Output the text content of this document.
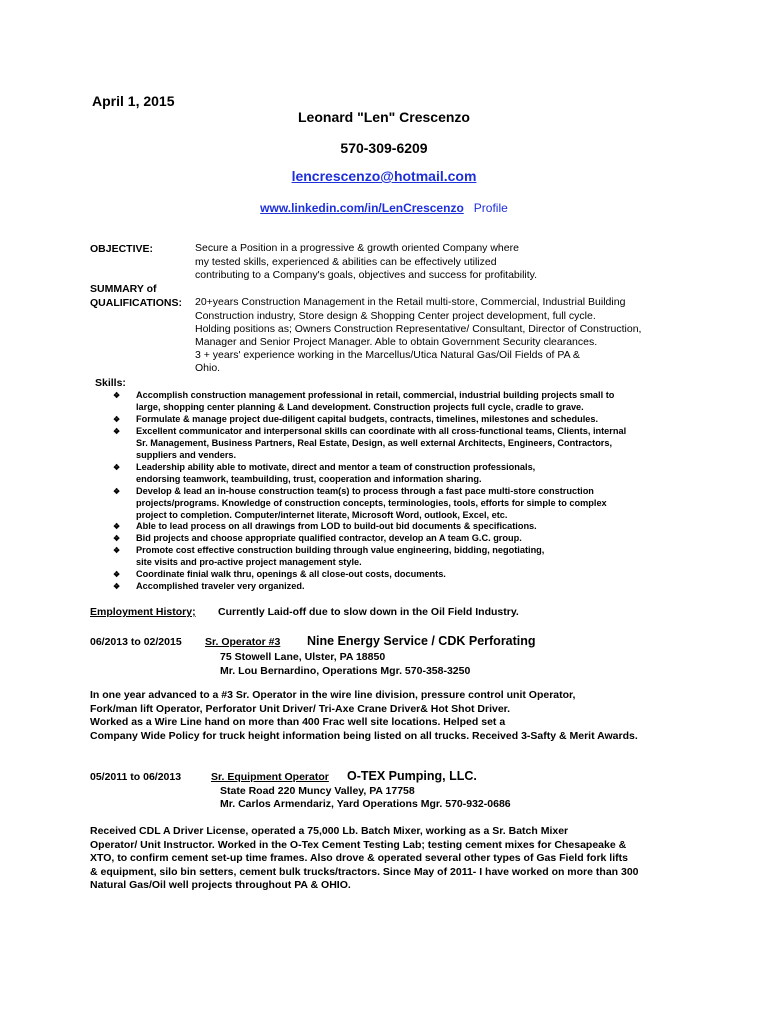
April 1, 2015
Leonard "Len" Crescenzo
570-309-6209
lencrescenzo@hotmail.com
www.linkedin.com/in/LenCrescenzo Profile
OBJECTIVE:	Secure a Position in a progressive & growth oriented Company where
my tested skills, experienced & abilities can be effectively utilized
contributing to a Company's goals, objectives and success for profitability.
SUMMARY of
QUALIFICATIONS: 20+years Construction Management in the Retail multi-store, Commercial, Industrial Building
Construction industry, Store design & Shopping Center project development, full cycle.
Holding positions as; Owners Construction Representative/ Consultant, Director of Construction,
Manager and Senior Project Manager. Able to obtain Government Security clearances.
3 + years' experience working in the Marcellus/Utica Natural Gas/Oil Fields of PA &
Ohio.
Skills:
❖ Accomplish construction management professional in retail, commercial, industrial building projects small to
large, shopping center planning & Land development. Construction projects full cycle, cradle to grave.
❖ Formulate & manage project due-diligent capital budgets, contracts, timelines, milestones and schedules.
❖ Excellent communicator and interpersonal skills can coordinate with all cross-functional teams, Clients, internal
Sr. Management, Business Partners, Real Estate, Design, as well external Architects, Engineers, Contractors,
suppliers and venders.
❖ Leadership ability able to motivate, direct and mentor a team of construction professionals,
endorsing teamwork, teambuilding, trust, cooperation and information sharing.
❖ Develop & lead an in-house construction team(s) to process through a fast pace multi-store construction
projects/programs. Knowledge of construction concepts, terminologies, tools, efforts for simple to complex
project to completion. Computer/internet literate, Microsoft Word, outlook, Excel, etc.
❖ Able to lead process on all drawings from LOD to build-out bid documents & specifications.
❖ Bid projects and choose appropriate qualified contractor, develop an A team G.C. group.
❖ Promote cost effective construction building through value engineering, bidding, negotiating,
site visits and pro-active project management style.
❖ Coordinate finial walk thru, openings & all close-out costs, documents.
❖ Accomplished traveler very organized.
Employment History; Currently Laid-off due to slow down in the Oil Field Industry.
06/2013 to 02/2015 Sr. Operator #3 Nine Energy Service / CDK Perforating
75 Stowell Lane, Ulster, PA 18850
Mr. Lou Bernardino, Operations Mgr. 570-358-3250
In one year advanced to a #3 Sr. Operator in the wire line division, pressure control unit Operator,
Fork/man lift Operator, Perforator Unit Driver/ Tri-Axe Crane Driver& Hot Shot Driver.
Worked as a Wire Line hand on more than 400 Frac well site locations. Helped set a
Company Wide Policy for truck height information being listed on all trucks. Received 3-Safty & Merit Awards.
05/2011 to 06/2013	Sr. Equipment Operator O-TEX Pumping, LLC.
State Road 220 Muncy Valley, PA 17758
Mr. Carlos Armendariz, Yard Operations Mgr. 570-932-0686
Received CDL A Driver License, operated a 75,000 Lb. Batch Mixer, working as a Sr. Batch Mixer
Operator/ Unit Instructor. Worked in the O-Tex Cement Testing Lab; testing cement mixes for Chesapeake &
XTO, to confirm cement set-up time frames. Also drove & operated several other types of Gas Field fork lifts
& equipment, silo bin setters, cement bulk trucks/tractors. Since May of 2011- I have worked on more than 300
Natural Gas/Oil well projects throughout PA & OHIO.
